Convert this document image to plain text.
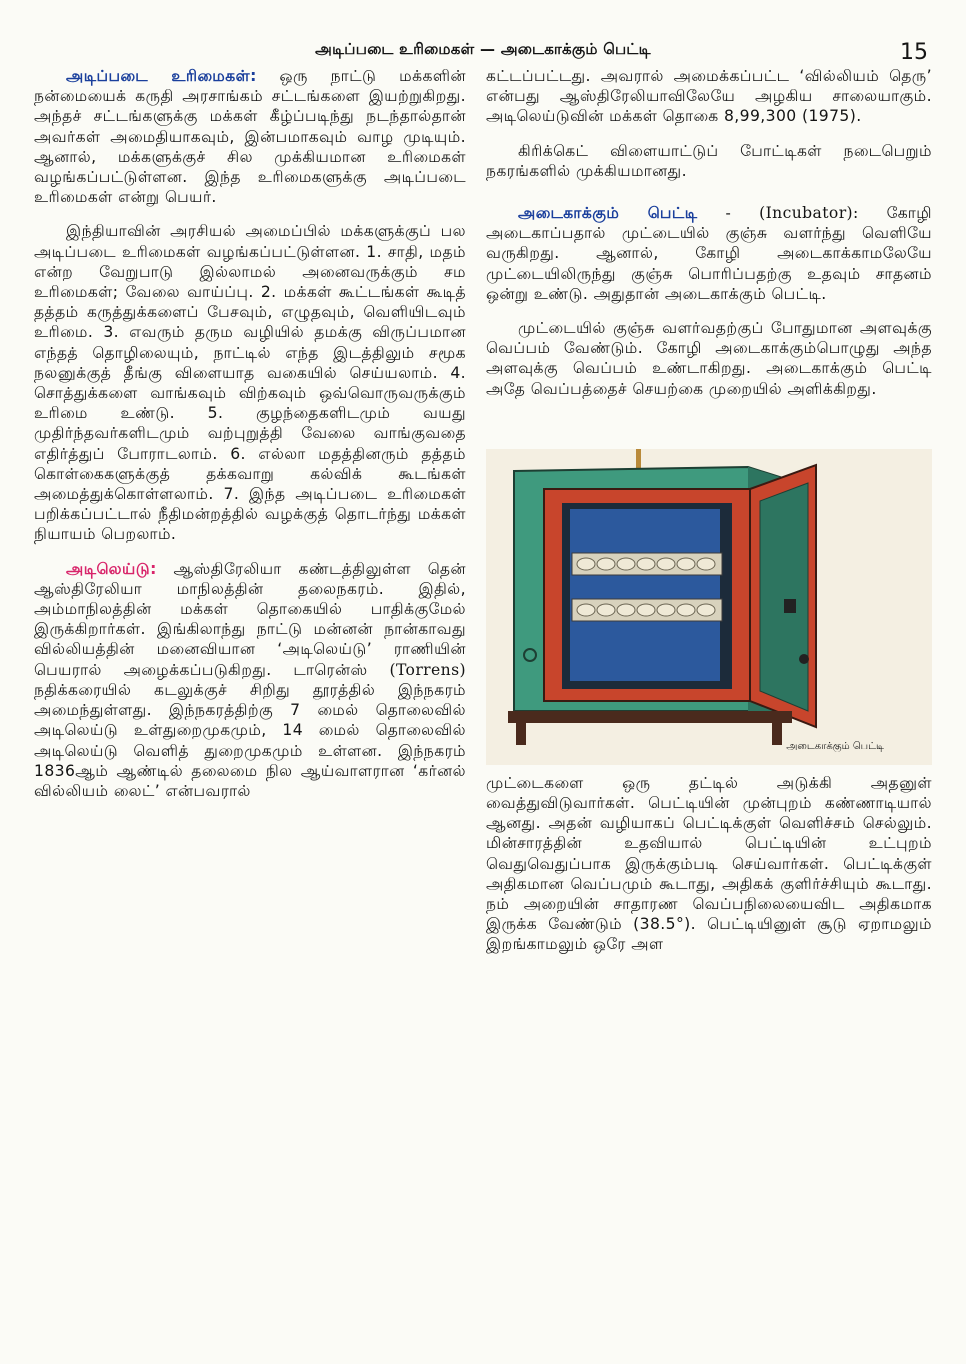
அடிப்படை உரிமைகள் — அடைகாக்கும் பெட்டி	15

அடிப்படை உரிமைகள்: ஒரு நாட்டு மக்களின் நன்மையைக் கருதி அரசாங்கம் சட்டங்களை இயற்றுகிறது. அந்தச் சட்டங்களுக்கு மக்கள் கீழ்ப்படிந்து நடந்தால்தான் அவர்கள் அமைதியாகவும், இன்பமாகவும் வாழ முடியும். ஆனால், மக்களுக்குச் சில முக்கியமான உரிமைகள் வழங்கப்பட்டுள்ளன. இந்த உரிமைகளுக்கு அடிப்படை உரிமைகள் என்று பெயர்.

இந்தியாவின் அரசியல் அமைப்பில் மக்களுக்குப் பல அடிப்படை உரிமைகள் வழங்கப்பட்டுள்ளன. 1. சாதி, மதம் என்ற வேறுபாடு இல்லாமல் அனைவருக்கும் சம உரிமைகள்; வேலை வாய்ப்பு. 2. மக்கள் கூட்டங்கள் கூடித் தத்தம் கருத்துக்களைப் பேசவும், எழுதவும், வெளியிடவும் உரிமை. 3. எவரும் தரும வழியில் தமக்கு விருப்பமான எந்தத் தொழிலையும், நாட்டில் எந்த இடத்திலும் சமூக நலனுக்குத் தீங்கு விளையாத வகையில் செய்யலாம். 4. சொத்துக்களை வாங்கவும் விற்கவும் ஒவ்வொருவருக்கும் உரிமை உண்டு. 5. குழந்தைகளிடமும் வயது முதிர்ந்தவர்களிடமும் வற்புறுத்தி வேலை வாங்குவதை எதிர்த்துப் போராடலாம். 6. எல்லா மதத்தினரும் தத்தம் கொள்கைகளுக்குத் தக்கவாறு கல்விக் கூடங்கள் அமைத்துக்கொள்ளலாம். 7. இந்த அடிப்படை உரிமைகள் பறிக்கப்பட்டால் நீதிமன்றத்தில் வழக்குத் தொடர்ந்து மக்கள் நியாயம் பெறலாம்.

அடிலெய்டு: ஆஸ்திரேலியா கண்டத்திலுள்ள தென் ஆஸ்திரேலியா மாநிலத்தின் தலைநகரம். இதில், அம்மாநிலத்தின் மக்கள் தொகையில் பாதிக்குமேல் இருக்கிறார்கள். இங்கிலாந்து நாட்டு மன்னன் நான்காவது வில்லியத்தின் மனைவியான ‘அடிலெய்டு’ ராணியின் பெயரால் அழைக்கப்படுகிறது. டாரென்ஸ் (Torrens) நதிக்கரையில் கடலுக்குச் சிறிது தூரத்தில் இந்நகரம் அமைந்துள்ளது. இந்நகரத்திற்கு 7 மைல் தொலைவில் அடிலெய்டு உள்துறைமுகமும், 14 மைல் தொலைவில் அடிலெய்டு வெளித் துறைமுகமும் உள்ளன. இந்நகரம் 1836ஆம் ஆண்டில் தலைமை நில ஆய்வாளரான ‘கர்னல் வில்லியம் லைட்’ என்பவரால்

கட்டப்பட்டது. அவரால் அமைக்கப்பட்ட ‘வில்லியம் தெரு’ என்பது ஆஸ்திரேலியாவிலேயே அழகிய சாலையாகும். அடிலெய்டுவின் மக்கள் தொகை 8,99,300 (1975).

கிரிக்கெட் விளையாட்டுப் போட்டிகள் நடைபெறும் நகரங்களில் முக்கியமானது.

அடைகாக்கும் பெட்டி - (Incubator): கோழி அடைகாப்பதால் முட்டையில் குஞ்சு வளர்ந்து வெளியே வருகிறது. ஆனால், கோழி அடைகாக்காமலேயே முட்டையிலிருந்து குஞ்சு பொரிப்பதற்கு உதவும் சாதனம் ஒன்று உண்டு. அதுதான் அடைகாக்கும் பெட்டி.

முட்டையில் குஞ்சு வளர்வதற்குப் போதுமான அளவுக்கு வெப்பம் வேண்டும். கோழி அடைகாக்கும்பொழுது அந்த அளவுக்கு வெப்பம் உண்டாகிறது. அடைகாக்கும் பெட்டி அதே வெப்பத்தைச் செயற்கை முறையில் அளிக்கிறது.

அடைகாக்கும் பெட்டி

முட்டைகளை ஒரு தட்டில் அடுக்கி அதனுள் வைத்துவிடுவார்கள். பெட்டியின் முன்புறம் கண்ணாடியால் ஆனது. அதன் வழியாகப் பெட்டிக்குள் வெளிச்சம் செல்லும். மின்சாரத்தின் உதவியால் பெட்டியின் உட்புறம் வெதுவெதுப்பாக இருக்கும்படி செய்வார்கள். பெட்டிக்குள் அதிகமான வெப்பமும் கூடாது, அதிகக் குளிர்ச்சியும் கூடாது. நம் அறையின் சாதாரண வெப்பநிலையைவிட அதிகமாக இருக்க வேண்டும் (38.5°). பெட்டியினுள் சூடு ஏறாமலும் இறங்காமலும் ஒரே அள
